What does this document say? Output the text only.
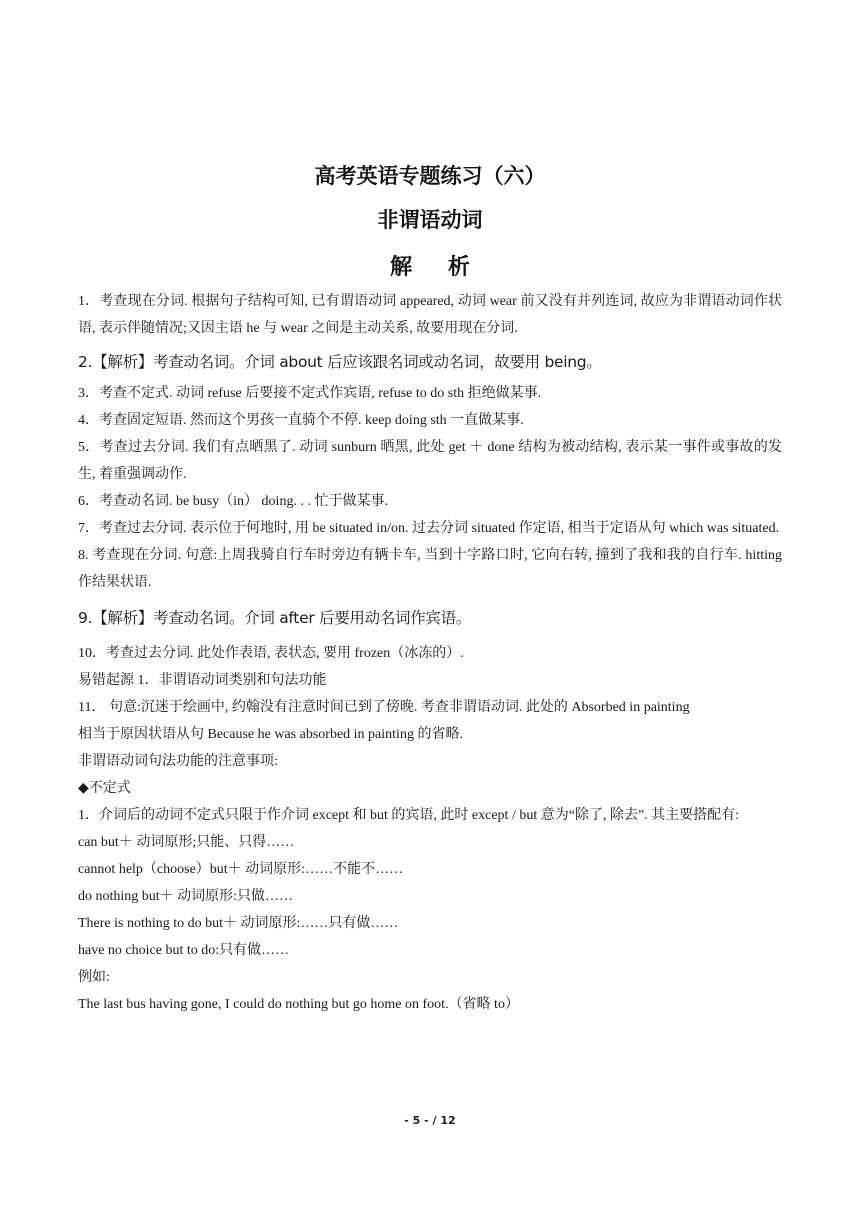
高考英语专题练习（六）
非谓语动词
解 析

1．考查现在分词. 根据句子结构可知, 已有谓语动词 appeared, 动词 wear 前又没有并列连词, 故应为非谓语动词作状语, 表示伴随情况;又因主语 he 与 wear 之间是主动关系, 故要用现在分词.

2.【解析】考查动名词。介词 about 后应该跟名词或动名词，故要用 being。

3．考查不定式. 动词 refuse 后要接不定式作宾语, refuse to do sth 拒绝做某事.

4．考查固定短语. 然而这个男孩一直骑个不停. keep doing sth 一直做某事.

5．考查过去分词. 我们有点晒黑了. 动词 sunburn 晒黑, 此处 get ＋ done 结构为被动结构, 表示某一事件或事故的发生, 着重强调动作.

6．考查动名词. be busy（in） doing. . . 忙于做某事.

7．考查过去分词. 表示位于何地时, 用 be situated in/on. 过去分词 situated 作定语, 相当于定语从句 which was situated.

8. 考查现在分词. 句意:上周我骑自行车时旁边有辆卡车, 当到十字路口时, 它向右转, 撞到了我和我的自行车. hitting 作结果状语.

9.【解析】考查动名词。介词 after 后要用动名词作宾语。

10．考查过去分词. 此处作表语, 表状态, 要用 frozen（冰冻的）.

易错起源 1．非谓语动词类别和句法功能

11． 句意:沉迷于绘画中, 约翰没有注意时间已到了傍晚. 考查非谓语动词. 此处的 Absorbed in painting

相当于原因状语从句 Because he was absorbed in painting 的省略.

非谓语动词句法功能的注意事项:

◆不定式

1．介词后的动词不定式只限于作介词 except 和 but 的宾语, 此时 except / but 意为“除了, 除去”. 其主要搭配有:

can but＋ 动词原形;只能、只得……

cannot help（choose）but＋ 动词原形:……不能不……

do nothing but＋ 动词原形:只做……

There is nothing to do but＋ 动词原形:……只有做……

have no choice but to do:只有做……

例如:

The last bus having gone, I could do nothing but go home on foot.（省略 to）

- 5 - / 12
